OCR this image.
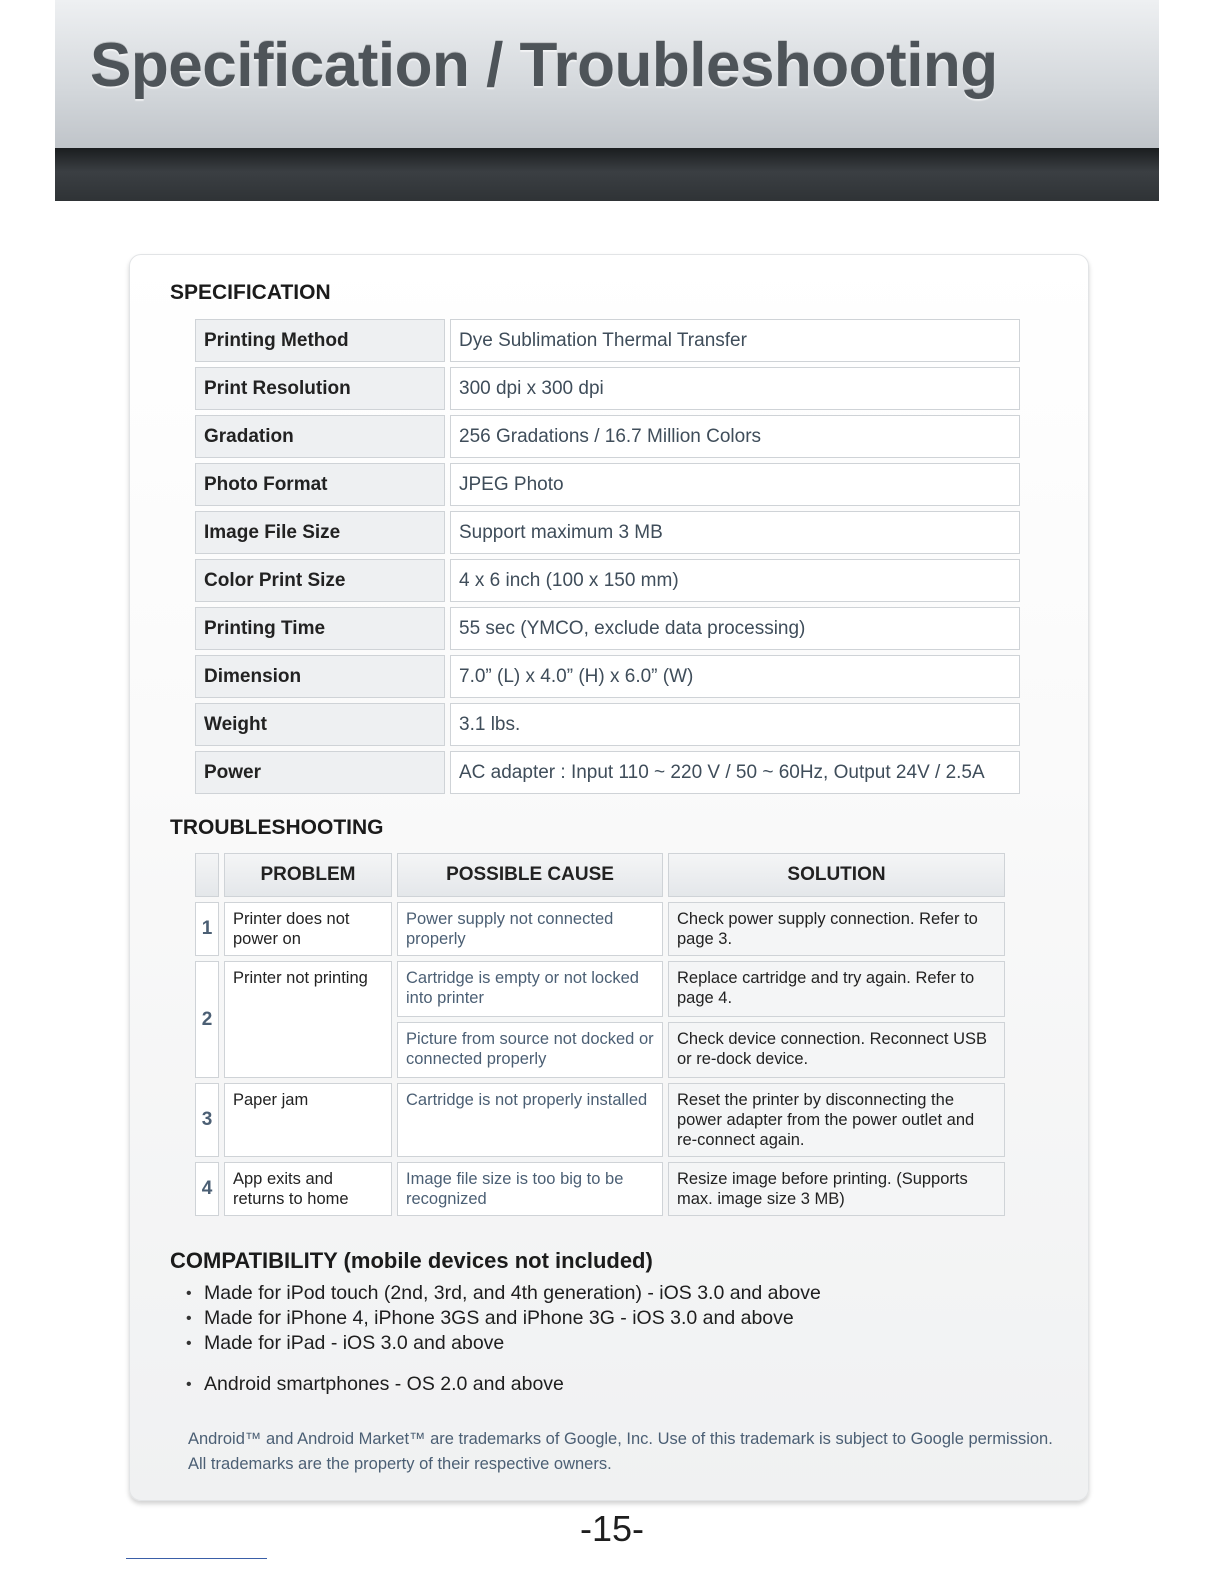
Specification / Troubleshooting
SPECIFICATION
Printing Method	Dye Sublimation Thermal Transfer
Print Resolution	300 dpi x 300 dpi
Gradation	256 Gradations / 16.7 Million Colors
Photo Format	JPEG Photo
Image File Size	Support maximum 3 MB
Color Print Size	4 x 6 inch (100 x 150 mm)
Printing Time	55 sec (YMCO, exclude data processing)
Dimension	7.0” (L) x 4.0” (H) x 6.0” (W)
Weight	3.1 lbs.
Power	AC adapter : Input 110 ~ 220 V / 50 ~ 60Hz, Output 24V / 2.5A
TROUBLESHOOTING
	PROBLEM	POSSIBLE CAUSE	SOLUTION
1	Printer does not power on	Power supply not connected properly	Check power supply connection. Refer to page 3.
2	Printer not printing	Cartridge is empty or not locked into printer	Replace cartridge and try again. Refer to page 4.
		Picture from source not docked or connected properly	Check device connection. Reconnect USB or re-dock device.
3	Paper jam	Cartridge is not properly installed	Reset the printer by disconnecting the power adapter from the power outlet and re-connect again.
4	App exits and returns to home	Image file size is too big to be recognized	Resize image before printing. (Supports max. image size 3 MB)
COMPATIBILITY (mobile devices not included)
• Made for iPod touch (2nd, 3rd, and 4th generation) - iOS 3.0 and above
• Made for iPhone 4, iPhone 3GS and iPhone 3G - iOS 3.0 and above
• Made for iPad - iOS 3.0 and above
• Android smartphones - OS 2.0 and above

Android™ and Android Market™ are trademarks of Google, Inc. Use of this trademark is subject to Google permission.
All trademarks are the property of their respective owners.

-15-
